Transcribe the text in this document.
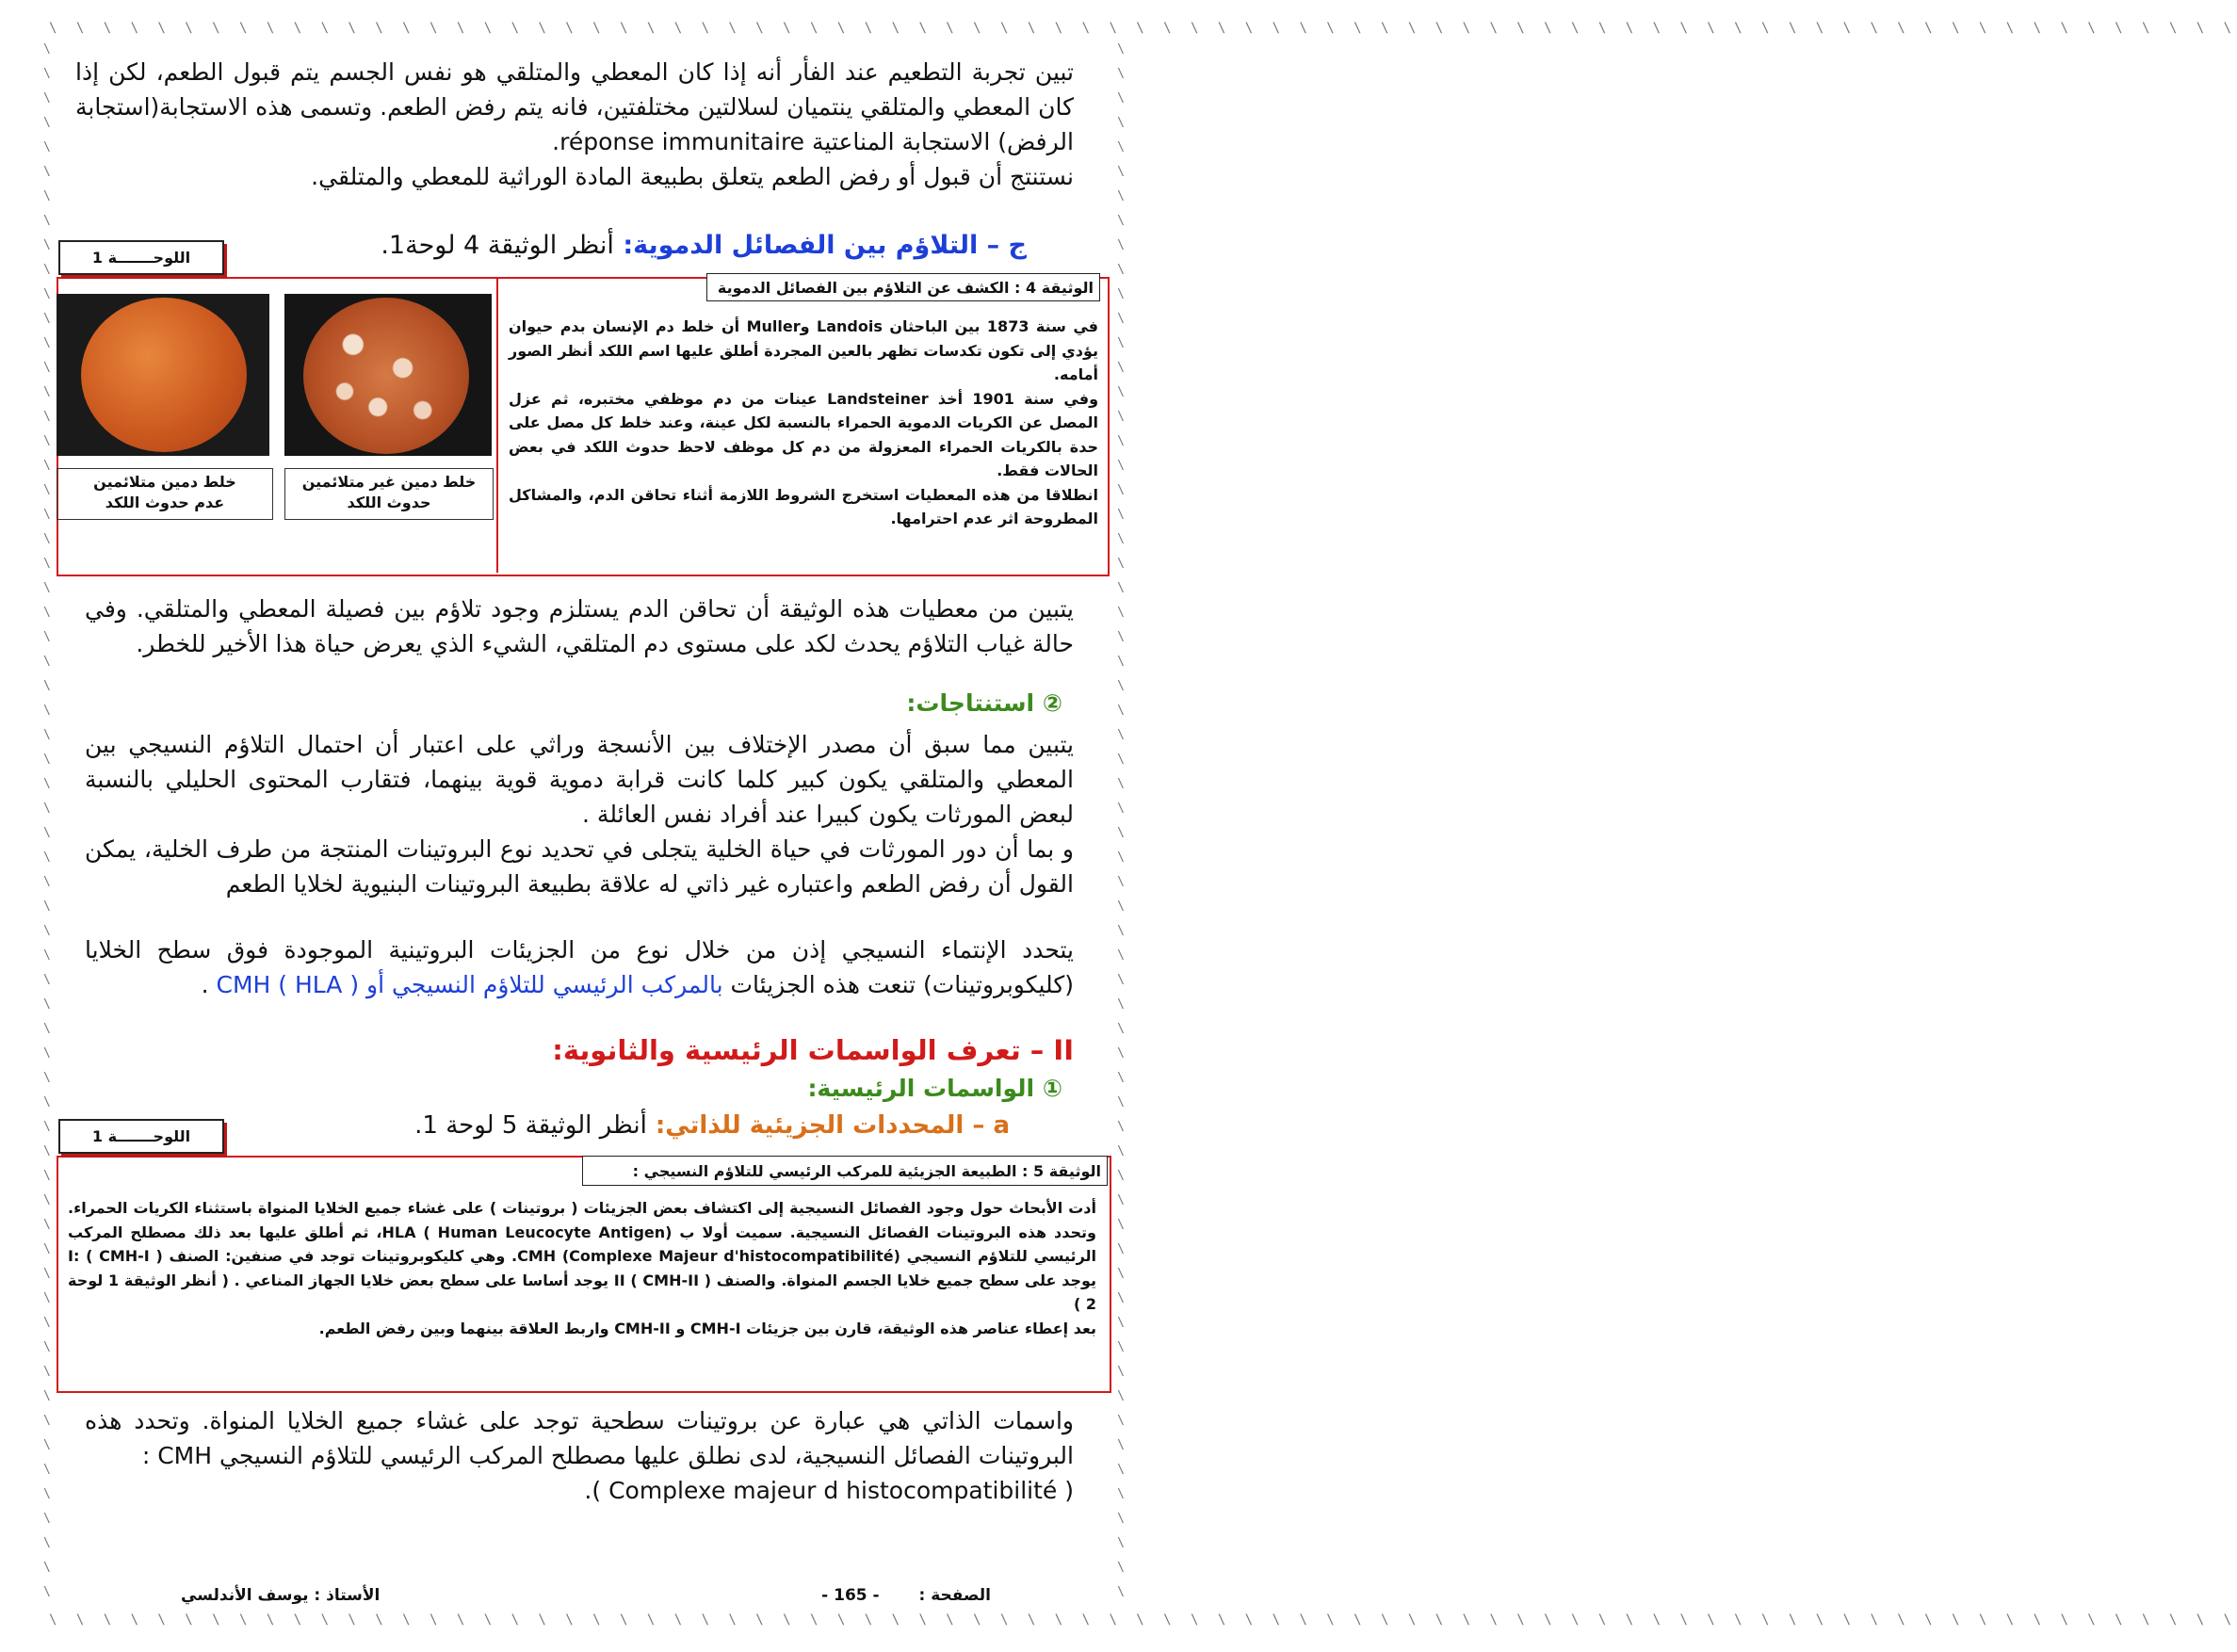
\ \ \ \ \ \ \ \ \ \ \ \ \ \ \ \ \ \ \ \ \ \ \ \ \ \ \ \ \ \ \ \ \ \ \ \ \ \ \ \ \ \ \ \ \ \ \ \ \ \ \ \ \ \ \ \ \ \ \ \ \ \ \ \ \ \ \ \ \ \ \ \ \ \ \ \ \ \ \ \ \
\ \ \ \ \ \ \ \ \ \ \ \ \ \ \ \ \ \ \ \ \ \ \ \ \ \ \ \ \ \ \ \ \ \ \ \ \ \ \ \ \ \ \ \ \ \ \ \ \ \ \ \ \ \ \ \ \ \ \ \ \ \ \ \ \ \ \ \ \ \ \ \ \ \ \ \ \ \ \ \ \
\
\
\
\
\
\
\
\
\
\
\
\
\
\
\
\
\
\
\
\
\
\
\
\
\
\
\
\
\
\
\
\
\
\
\
\
\
\
\
\
\
\
\
\
\
\
\
\
\
\
\
\
\
\
\
\
\
\
\
\
\
\
\
\

\
\
\
\
\
\
\
\
\
\
\
\
\
\
\
\
\
\
\
\
\
\
\
\
\
\
\
\
\
\
\
\
\
\
\
\
\
\
\
\
\
\
\
\
\
\
\
\
\
\
\
\
\
\
\
\
\
\
\
\
\
\
\
\

تبين تجربة التطعيم عند الفأر أنه إذا كان المعطي والمتلقي هو نفس الجسم يتم قبول الطعم، لكن إذا كان المعطي والمتلقي ينتميان لسلالتين مختلفتين، فانه يتم رفض الطعم. وتسمى هذه الاستجابة(استجابة الرفض) الاستجابة المناعتية réponse immunitaire.
نستنتج أن قبول أو رفض الطعم يتعلق بطبيعة المادة الوراثية للمعطي والمتلقي.
ج – التلاؤم بين الفصائل الدموية: أنظر الوثيقة 4 لوحة1.
اللوحـــــــة 1
الوثيقة 4 : الكشف عن التلاؤم بين الفصائل الدموية
في سنة 1873 بين الباحثان Landois وMuller أن خلط دم الإنسان بدم حيوان يؤدي إلى تكون تكدسات تظهر بالعين المجردة أطلق عليها اسم اللكد أنظر الصور أمامه.
وفي سنة 1901 أخذ Landsteiner عينات من دم موظفي مختبره، ثم عزل المصل عن الكريات الدموية الحمراء بالنسبة لكل عينة، وعند خلط كل مصل على حدة بالكريات الحمراء المعزولة من دم كل موظف لاحظ حدوث اللكد في بعض الحالات فقط.
انطلاقا من هذه المعطيات استخرج الشروط اللازمة أثناء تحاقن الدم، والمشاكل المطروحة اثر عدم احترامها.
خلط دمين متلائمين
عدم حدوث اللكد
خلط دمين غير متلائمين
حدوث اللكد
يتبين من معطيات هذه الوثيقة أن تحاقن الدم يستلزم وجود تلاؤم بين فصيلة المعطي والمتلقي. وفي حالة غياب التلاؤم يحدث لكد على مستوى دم المتلقي، الشيء الذي يعرض حياة هذا الأخير للخطر.
② استنتاجات:
يتبين مما سبق أن مصدر الإختلاف بين الأنسجة وراثي على اعتبار أن احتمال التلاؤم النسيجي بين المعطي والمتلقي يكون كبير كلما كانت قرابة دموية قوية بينهما، فتقارب المحتوى الحليلي بالنسبة لبعض المورثات يكون كبيرا عند أفراد نفس العائلة .
و بما أن دور المورثات في حياة الخلية يتجلى في تحديد نوع البروتينات المنتجة من طرف الخلية، يمكن القول أن رفض الطعم واعتباره غير ذاتي له علاقة بطبيعة البروتينات البنيوية لخلايا الطعم
يتحدد الإنتماء النسيجي إذن من خلال نوع من الجزيئات البروتينية الموجودة فوق سطح الخلايا (كليكوبروتينات) تنعت هذه الجزيئات بالمركب الرئيسي للتلاؤم النسيجي أو CMH ( HLA ) .
II – تعرف الواسمات الرئيسية والثانوية:
① الواسمات الرئيسية:
a – المحددات الجزيئية للذاتي: أنظر الوثيقة 5 لوحة 1.
اللوحـــــــة 1
الوثيقة 5 : الطبيعة الجزيئية للمركب الرئيسي للتلاؤم النسيجي :
أدت الأبحاث حول وجود الفصائل النسيجية إلى اكتشاف بعض الجزيئات ( بروتينات ) على غشاء جميع الخلايا المنواة باستثناء الكريات الحمراء. وتحدد هذه البروتينات الفصائل النسيجية. سميت أولا ب HLA ( Human Leucocyte Antigen)، ثم أطلق عليها بعد ذلك مصطلح المركب الرئيسي للتلاؤم النسيجي CMH (Complexe Majeur d'histocompatibilité). وهي كليكوبروتينات توجد في صنفين: الصنف I: ( CMH-I ) يوجد على سطح جميع خلايا الجسم المنواة. والصنف II ( CMH-II ) يوجد أساسا على سطح بعض خلايا الجهاز المناعي . ( أنظر الوثيقة 1 لوحة 2 )
بعد إعطاء عناصر هذه الوثيقة، قارن بين جزيئات CMH-I و CMH-II واربط العلاقة بينهما وبين رفض الطعم.
واسمات الذاتي هي عبارة عن بروتينات سطحية توجد على غشاء جميع الخلايا المنواة. وتحدد هذه البروتينات الفصائل النسيجية، لدى نطلق عليها مصطلح المركب الرئيسي للتلاؤم النسيجي CMH :
( Complexe majeur d histocompatibilité ).
الصفحة : - 165 -
الأستاذ : يوسف الأندلسي
